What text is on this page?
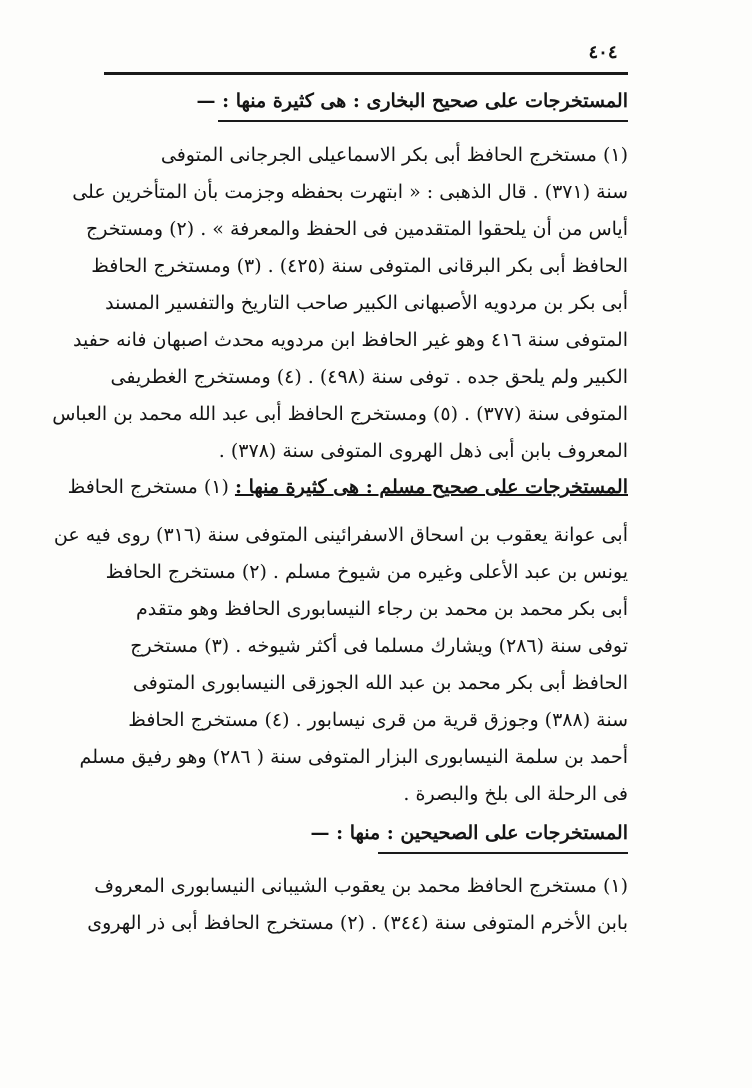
٤٠٤
المستخرجات على صحيح البخارى : هى كثيرة منها : —
(١) مستخرج الحافظ أبى بكر الاسماعيلى الجرجانى المتوفى
سنة (٣٧١) . قال الذهبى : « ابتهرت بحفظه وجزمت بأن المتأخرين على
أياس من أن يلحقوا المتقدمين فى الحفظ والمعرفة » . (٢) ومستخرج
الحافظ أبى بكر البرقانى المتوفى سنة (٤٢٥) . (٣) ومستخرج الحافظ
أبى بكر بن مردويه الأصبهانى الكبير صاحب التاريخ والتفسير المسند
المتوفى سنة ٤١٦ وهو غير الحافظ ابن مردويه محدث اصبهان فانه حفيد
الكبير ولم يلحق جده . توفى سنة (٤٩٨) . (٤) ومستخرج الغطريفى
المتوفى سنة (٣٧٧) . (٥) ومستخرج الحافظ أبى عبد الله محمد بن العباس
المعروف بابن أبى ذهل الهروى المتوفى سنة (٣٧٨) .
المستخرجات على صحيح مسلم : هى كثيرة منها : (١) مستخرج الحافظ
أبى عوانة يعقوب بن اسحاق الاسفرائينى المتوفى سنة (٣١٦) روى فيه عن
يونس بن عبد الأعلى وغيره من شيوخ مسلم . (٢) مستخرج الحافظ
أبى بكر محمد بن محمد بن رجاء النيسابورى الحافظ وهو متقدم
توفى سنة (٢٨٦) ويشارك مسلما فى أكثر شيوخه . (٣) مستخرج
الحافظ أبى بكر محمد بن عبد الله الجوزقى النيسابورى المتوفى
سنة (٣٨٨) وجوزق قرية من قرى نيسابور . (٤) مستخرج الحافظ
أحمد بن سلمة النيسابورى البزار المتوفى سنة ( ٢٨٦) وهو رفيق مسلم
فى الرحلة الى بلخ والبصرة .
المستخرجات على الصحيحين : منها : —
(١) مستخرج الحافظ محمد بن يعقوب الشيبانى النيسابورى المعروف
بابن الأخرم المتوفى سنة (٣٤٤) . (٢) مستخرج الحافظ أبى ذر الهروى
